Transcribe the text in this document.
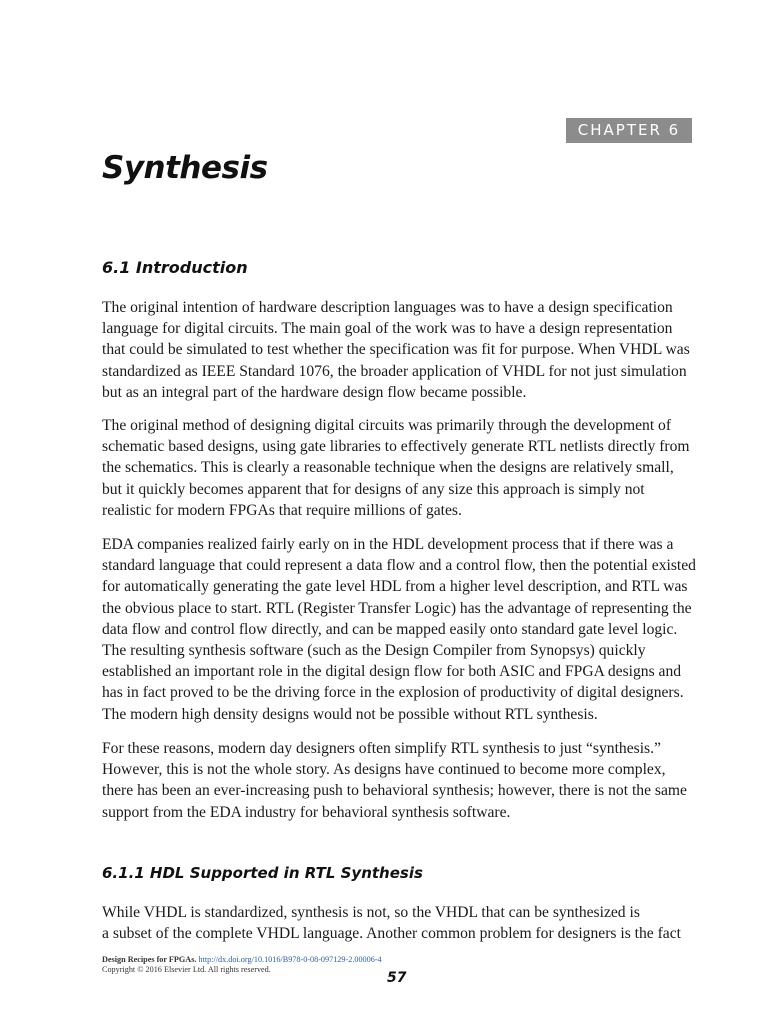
CHAPTER 6
Synthesis
6.1 Introduction

The original intention of hardware description languages was to have a design specification

language for digital circuits. The main goal of the work was to have a design representation

that could be simulated to test whether the specification was fit for purpose. When VHDL was

standardized as IEEE Standard 1076, the broader application of VHDL for not just simulation

but as an integral part of the hardware design flow became possible.

The original method of designing digital circuits was primarily through the development of

schematic based designs, using gate libraries to effectively generate RTL netlists directly from

the schematics. This is clearly a reasonable technique when the designs are relatively small,

but it quickly becomes apparent that for designs of any size this approach is simply not

realistic for modern FPGAs that require millions of gates.

EDA companies realized fairly early on in the HDL development process that if there was a

standard language that could represent a data flow and a control flow, then the potential existed

for automatically generating the gate level HDL from a higher level description, and RTL was

the obvious place to start. RTL (Register Transfer Logic) has the advantage of representing the

data flow and control flow directly, and can be mapped easily onto standard gate level logic.

The resulting synthesis software (such as the Design Compiler from Synopsys) quickly

established an important role in the digital design flow for both ASIC and FPGA designs and

has in fact proved to be the driving force in the explosion of productivity of digital designers.

The modern high density designs would not be possible without RTL synthesis.

For these reasons, modern day designers often simplify RTL synthesis to just “synthesis.”

However, this is not the whole story. As designs have continued to become more complex,

there has been an ever-increasing push to behavioral synthesis; however, there is not the same

support from the EDA industry for behavioral synthesis software.

6.1.1 HDL Supported in RTL Synthesis

While VHDL is standardized, synthesis is not, so the VHDL that can be synthesized is

a subset of the complete VHDL language. Another common problem for designers is the fact

Design Recipes for FPGAs. http://dx.doi.org/10.1016/B978-0-08-097129-2.00006-4
Copyright © 2016 Elsevier Ltd. All rights reserved.
57
